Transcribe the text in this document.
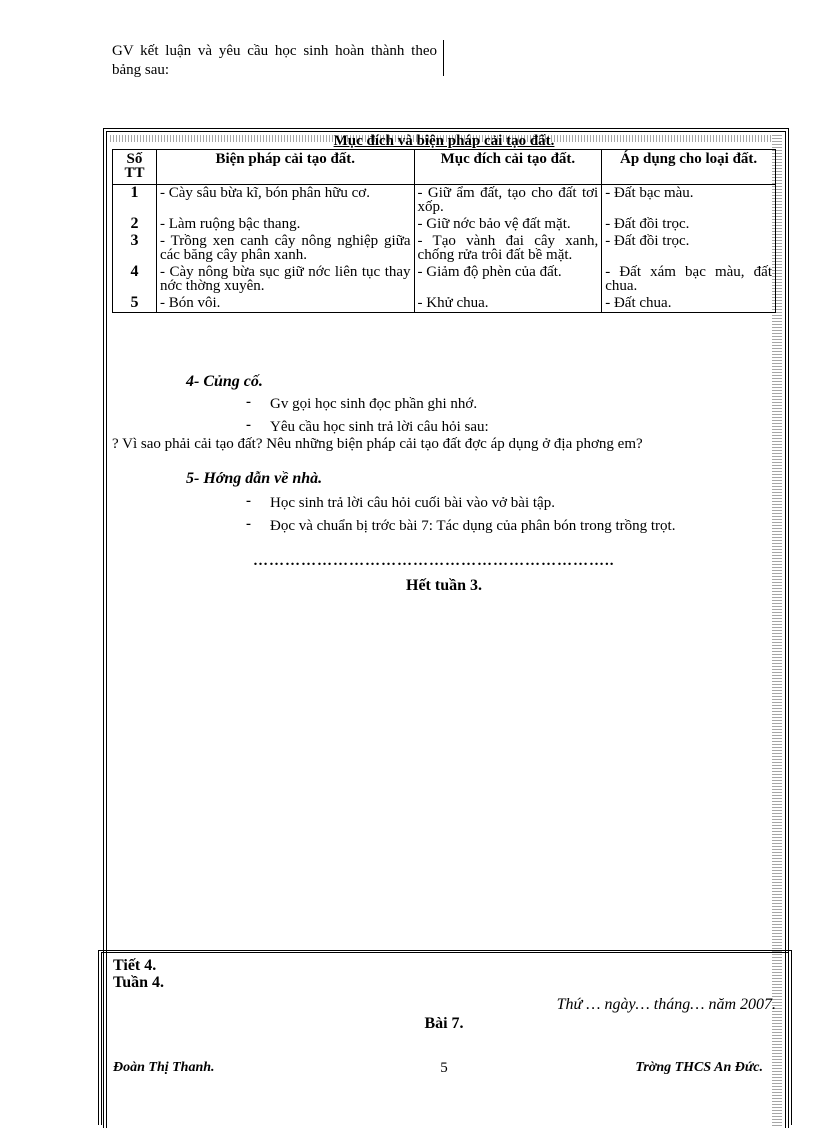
GV kết luận và yêu cầu học sinh hoàn thành theo bảng sau:
Mục đích và biện pháp cải tạo đất.
Số TT	Biện pháp cải tạo đất.	Mục đích cải tạo đất.	Áp dụng cho loại đất.
1	- Cày sâu bừa kĩ, bón phân hữu cơ.	- Giữ ẩm đất, tạo cho đất tơi xốp.	- Đất bạc màu.
2	- Làm ruộng bậc thang.	- Giữ nớc bảo vệ đất mặt.	- Đất đồi trọc.
3	- Trồng xen canh cây nông nghiệp giữa các băng cây phân xanh.	- Tạo vành đai cây xanh, chống rửa trôi đất bề mặt.	- Đất đồi trọc.
4	- Cày nông bừa sục giữ nớc liên tục thay nớc thờng xuyên.	- Giảm độ phèn của đất.	- Đất xám bạc màu, đất chua.
5	- Bón vôi.	- Khử chua.	- Đất chua.
4- Củng cố.
- Gv gọi học sinh đọc phần ghi nhớ.
- Yêu cầu học sinh trả lời câu hỏi sau:
? Vì sao phải cải tạo đất? Nêu những biện pháp cải tạo đất đợc áp dụng ở địa phơng em?
5- Hớng dẫn về nhà.
- Học sinh trả lời câu hỏi cuối bài vào vở bài tập.
- Đọc và chuẩn bị trớc bài 7: Tác dụng của phân bón trong trồng trọt.
…………………………………………………………..
Hết tuần 3.
Tiết 4.
Tuần 4.
Thứ … ngày… tháng… năm 2007.
Bài 7.
Đoàn Thị Thanh.	5	Trờng THCS An Đức.
